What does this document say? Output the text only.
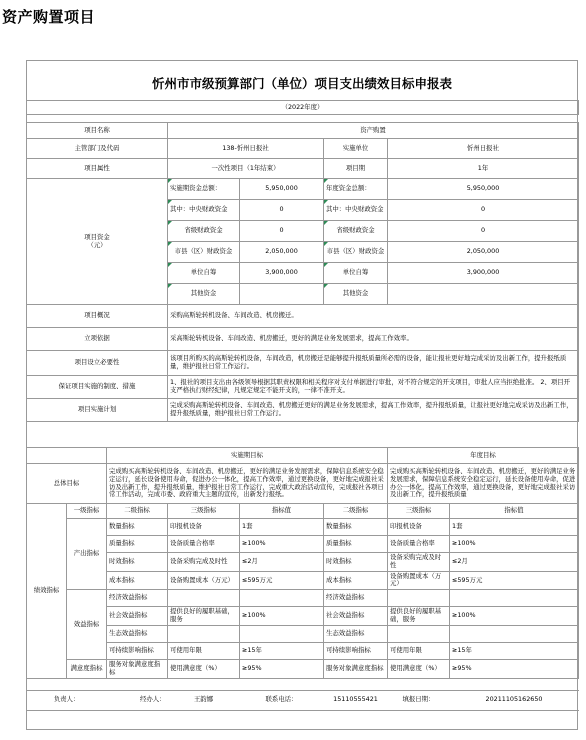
资产购置项目
忻州市市级预算部门（单位）项目支出绩效目标申报表
（2022年度）							

项目名称			资产购置				
主管部门及代码			138-忻州日报社		实施单位	忻州日报社	
项目属性			一次性项目（1年结束）		项目期	1年	
项目资金
（元）			实施期资金总额：	5,950,000	年度资金总额：	5,950,000	
			其中：中央财政资金	0	其中：中央财政资金	0	
			省级财政资金	0	省级财政资金	0	
			市县（区）财政资金	2,050,000	市县（区）财政资金	2,050,000	
			单位自筹	3,900,000	单位自筹	3,900,000	
			其他资金		其他资金		
项目概况			采购高斯轮转机设备、车间改造、机房搬迁。				
立项依据			采高斯轮转机设备、车间改造、机房搬迁，更好的满足业务发展需求，提高工作效率。				
项目设立必要性			该项目所购买的高斯轮转机设备，车间改造，机房搬迁是能够提升报纸质量所必需的设备，能让报社更好地完成采访及出新工作，提升报纸质量，维护报社日常工作运行。				
保证项目实施的制度、措施			1、报社的项目支出由各级领导根据其职责权限和相关程序对支付单据进行审批，对不符合规定的开支项目，审批人应当拒绝批准。 2、项目开支严格执行财经纪律，凡规定规定不能开支的，一律不准开支。				
项目实施计划			完成采购高斯轮转机设备、车间改造、机房搬迁更好的满足业务发展需求，提高工作效率，提升报纸质量，让报社更好地完成采访及出新工作，提升报纸质量，维护报社日常工作运行。				

		实施期目标				年度目标	
总体目标		完成购买高斯轮转机设备、车间改造、机房搬迁，更好的满足业务发展需求，保障信息系统安全稳定运行，延长设备使用寿命，促进办公一体化，提高工作效率，通过更换设备，更好地完成报社采访及出新工作，提升报纸质量，维护报社日常工作运行，完成重大政治活动宣传，完成报社各项日常工作活动，完成市委、政府重大主题的宣传，出新发行报纸。				完成购买高斯轮转机设备、车间改造、机房搬迁，更好的满足业务发展需求，保障信息系统安全稳定运行，延长设备使用寿命，促进办公一体化，提高工作效率，通过更换设备，更好地完成报社采访及出新工作，提升报纸质量	
绩效指标	一级指标	二级指标	三级指标	指标值	二级指标	三级指标	指标值
	产出指标	数量指标	印报机设备	1套	数量指标	印报机设备	1套
		质量指标	设备质量合格率	≥100%	质量指标	设备质量合格率	≥100%
		时效指标	设备采购完成及时性	≤2月	时效指标	设备采购完成及时性	≤2月
		成本指标	设备购置成本（万元）	≤595万元	成本指标	设备购置成本（万元）	≤595万元
	效益指标	经济效益指标			经济效益指标		
		社会效益指标	提供良好的履职基础，服务	≥100%	社会效益指标	提供良好的履职基础，服务	≥100%
		生态效益指标			生态效益指标		
		可持续影响指标	可使用年限	≥15年	可持续影响指标	可使用年限	≥15年
	满意度指标	服务对象满意度指标	使用满意度（%）	≥95%	服务对象满意度指标	使用满意度（%）	≥95%

负责人：		经办人：	王韵娜	联系电话：	15110555421	填报日期：	20211105162650
